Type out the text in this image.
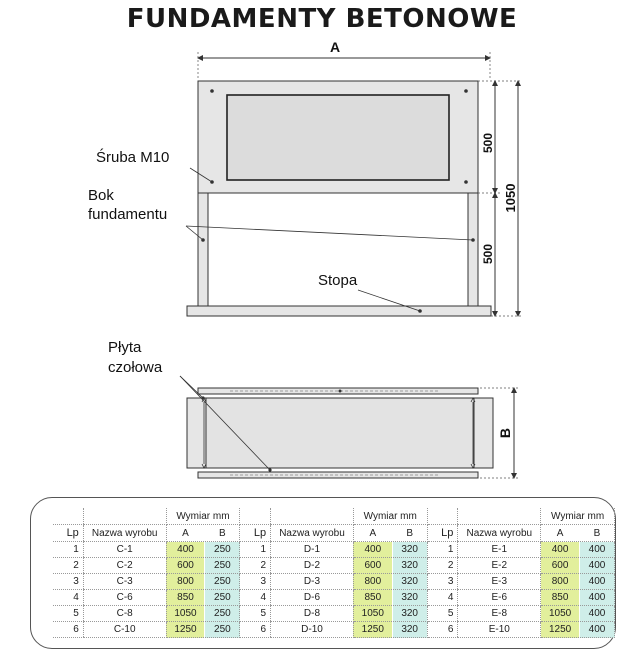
FUNDAMENTY BETONOWE
A
500
500
1050
Śruba M10
Bok
fundamentu
Stopa
B
Płyta
czołowa
		Wymiar mm				Wymiar mm				Wymiar mm	
Lp	Nazwa wyrobu	A	B	Lp	Nazwa wyrobu	A	B	Lp	Nazwa wyrobu	A	B
1	C-1	400	250	1	D-1	400	320	1	E-1	400	400
2	C-2	600	250	2	D-2	600	320	2	E-2	600	400
3	C-3	800	250	3	D-3	800	320	3	E-3	800	400
4	C-6	850	250	4	D-6	850	320	4	E-6	850	400
5	C-8	1050	250	5	D-8	1050	320	5	E-8	1050	400
6	C-10	1250	250	6	D-10	1250	320	6	E-10	1250	400
